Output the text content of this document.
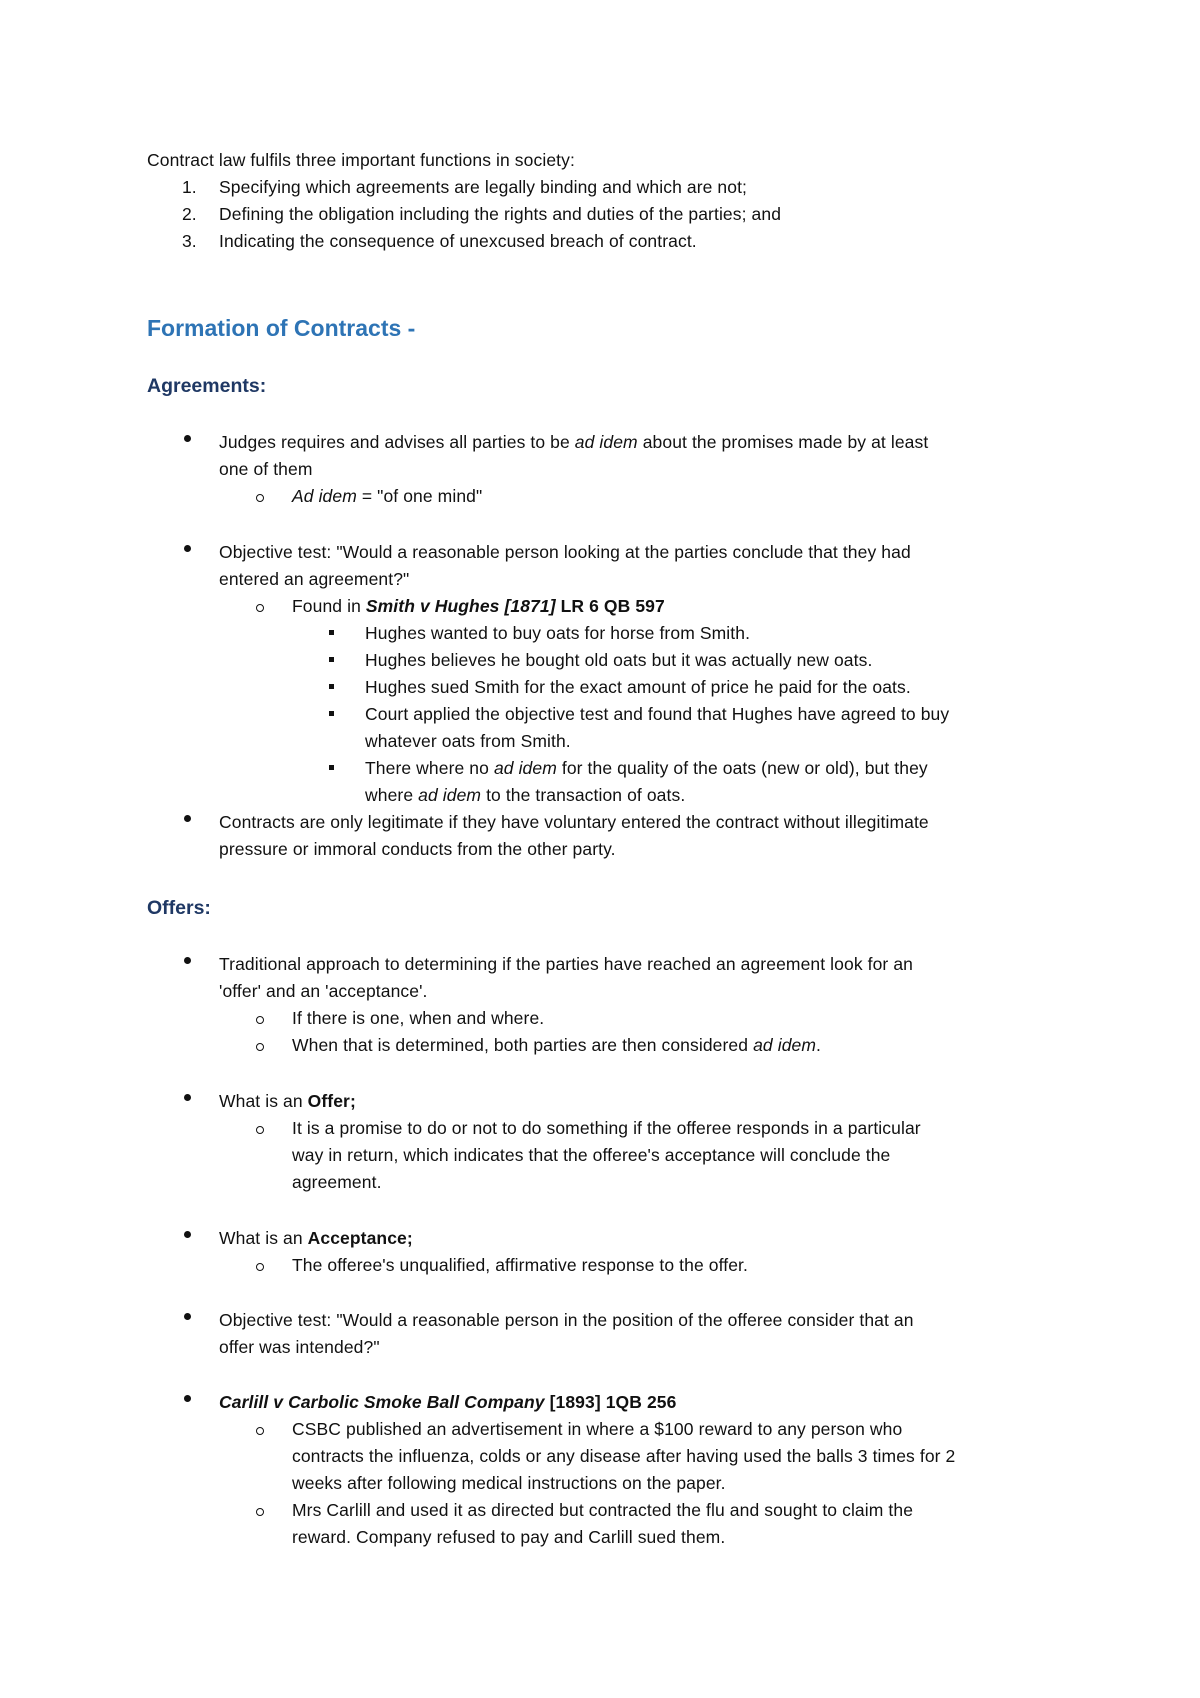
Contract law fulfils three important functions in society:
1. Specifying which agreements are legally binding and which are not;
2. Defining the obligation including the rights and duties of the parties; and
3. Indicating the consequence of unexcused breach of contract.
Formation of Contracts -
Agreements:
Judges requires and advises all parties to be ad idem about the promises made by at least
one of them
Ad idem = "of one mind"
Objective test: "Would a reasonable person looking at the parties conclude that they had
entered an agreement?"
Found in Smith v Hughes [1871] LR 6 QB 597
Hughes wanted to buy oats for horse from Smith.
Hughes believes he bought old oats but it was actually new oats.
Hughes sued Smith for the exact amount of price he paid for the oats.
Court applied the objective test and found that Hughes have agreed to buy
whatever oats from Smith.
There where no ad idem for the quality of the oats (new or old), but they
where ad idem to the transaction of oats.
Contracts are only legitimate if they have voluntary entered the contract without illegitimate
pressure or immoral conducts from the other party.
Offers:
Traditional approach to determining if the parties have reached an agreement look for an
'offer' and an 'acceptance'.
If there is one, when and where.
When that is determined, both parties are then considered ad idem.
What is an Offer;
It is a promise to do or not to do something if the offeree responds in a particular
way in return, which indicates that the offeree's acceptance will conclude the
agreement.
What is an Acceptance;
The offeree's unqualified, affirmative response to the offer.
Objective test: "Would a reasonable person in the position of the offeree consider that an
offer was intended?"
Carlill v Carbolic Smoke Ball Company [1893] 1QB 256
CSBC published an advertisement in where a $100 reward to any person who
contracts the influenza, colds or any disease after having used the balls 3 times for 2
weeks after following medical instructions on the paper.
Mrs Carlill and used it as directed but contracted the flu and sought to claim the
reward. Company refused to pay and Carlill sued them.
